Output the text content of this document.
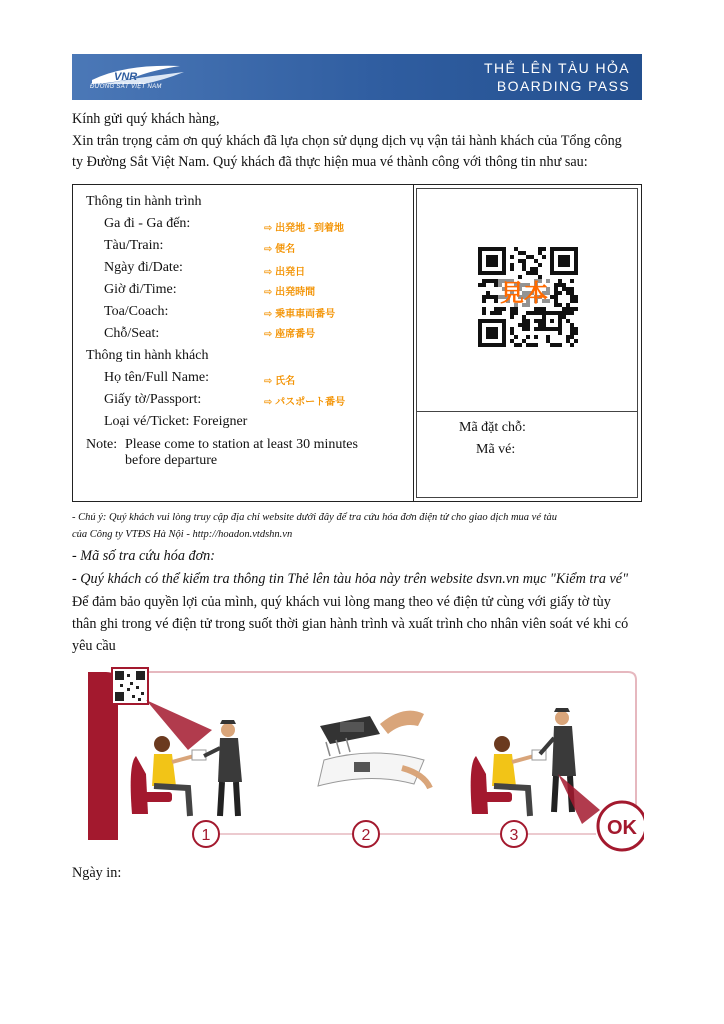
VNR
ĐƯỜNG SẮT VIỆT NAM
THẺ LÊN TÀU HỎA
BOARDING PASS
Kính gửi quý khách hàng,
Xin trân trọng cảm ơn quý khách đã lựa chọn sử dụng dịch vụ vận tải hành khách của Tổng công
ty Đường Sắt Việt Nam. Quý khách đã thực hiện mua vé thành công với thông tin như sau:
Thông tin hành trình
Ga đi - Ga đến:	⇨ 出発地 - 到着地
Tàu/Train:	⇨ 便名
Ngày đi/Date:	⇨ 出発日
Giờ đi/Time:	⇨ 出発時間
Toa/Coach:	⇨ 乗車車両番号
Chỗ/Seat:	⇨ 座席番号
Thông tin hành khách
Họ tên/Full Name:	⇨ 氏名
Giấy tờ/Passport:	⇨ パスポート番号
Loại vé/Ticket: Foreigner
Note: Please come to station at least 30 minutes
before departure
見本
Mã đặt chỗ:
Mã vé:
- Chú ý: Quý khách vui lòng truy cập địa chỉ website dưới đây để tra cứu hóa đơn điện tử cho giao dịch mua vé tàu
của Công ty VTĐS Hà Nội - http://hoadon.vtdshn.vn
- Mã số tra cứu hóa đơn:
- Quý khách có thể kiểm tra thông tin Thẻ lên tàu hỏa này trên website dsvn.vn mục "Kiểm tra vé"
Để đảm bảo quyền lợi của mình, quý khách vui lòng mang theo vé điện tử cùng với giấy tờ tùy
thân ghi trong vé điện tử trong suốt thời gian hành trình và xuất trình cho nhân viên soát vé khi có
yêu cầu
OK
1	2	3
Ngày in:
